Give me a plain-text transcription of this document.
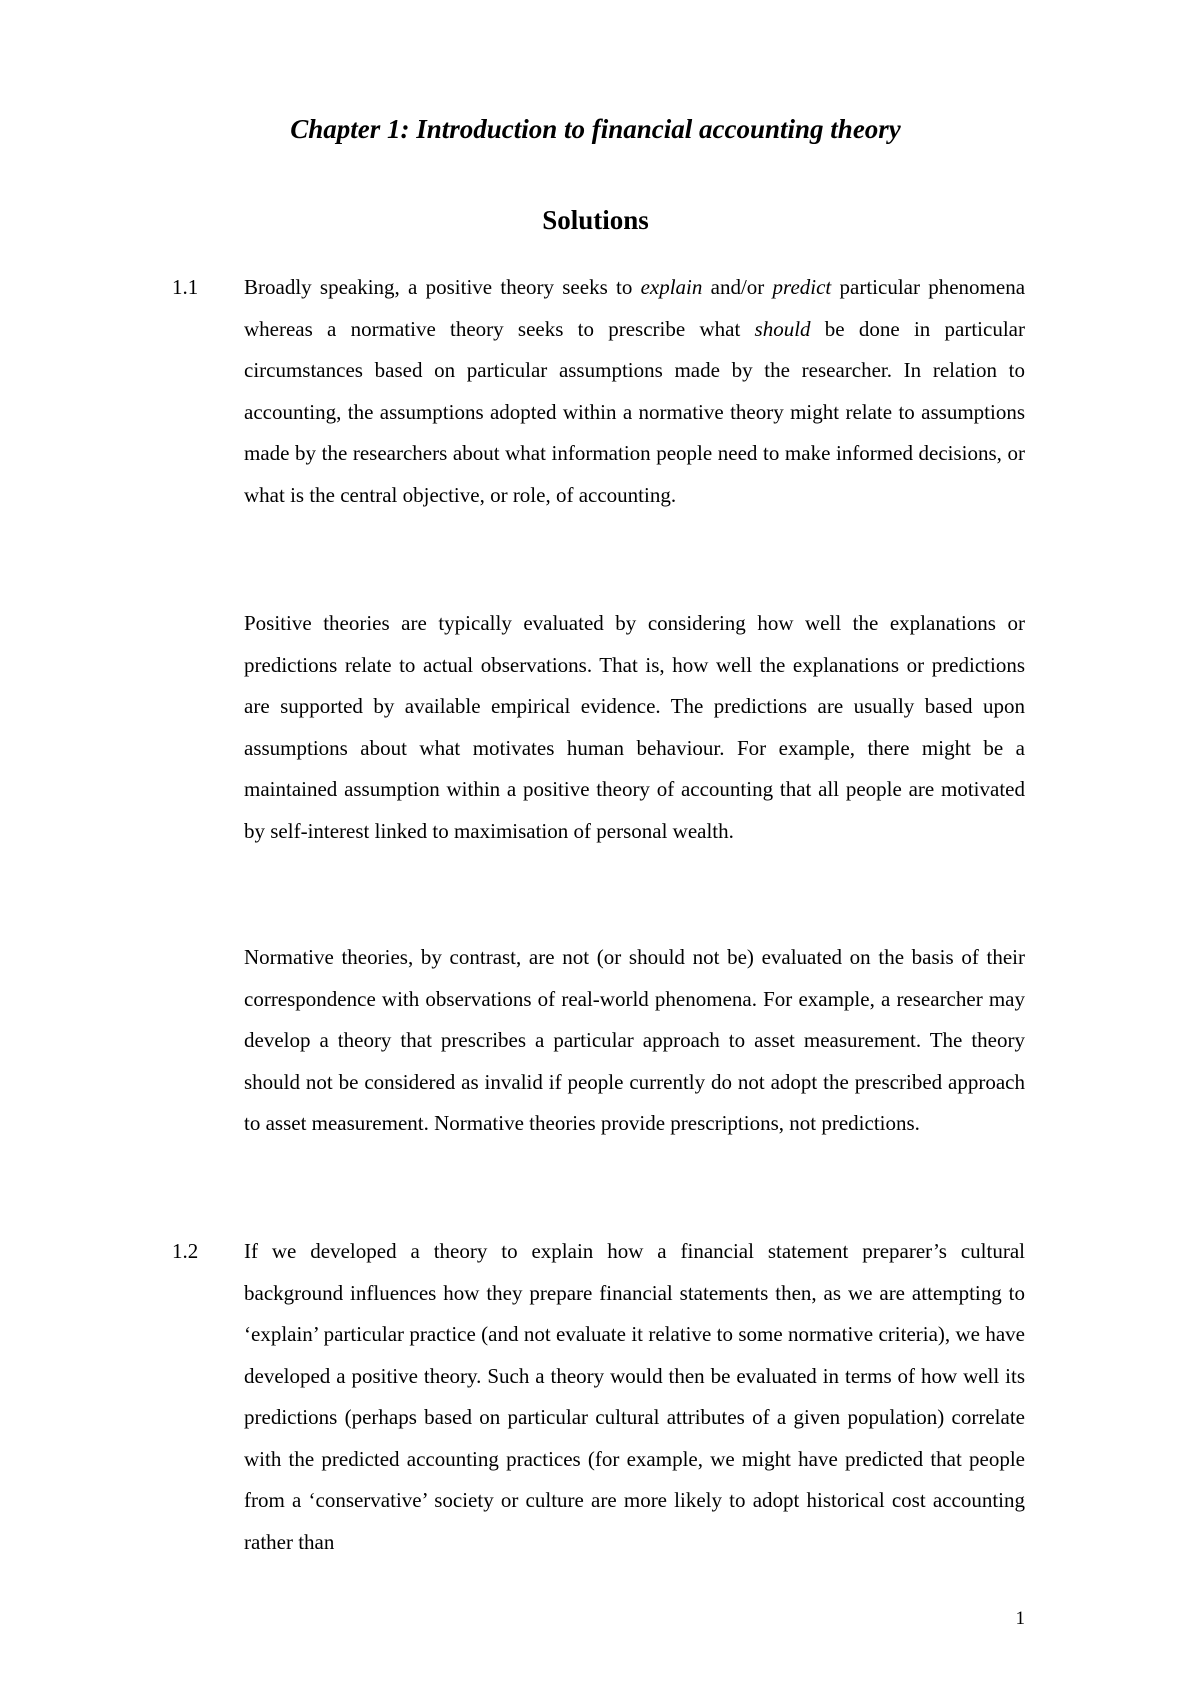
Chapter 1: Introduction to financial accounting theory
Solutions
1.1 Broadly speaking, a positive theory seeks to explain and/or predict particular phenomena whereas a normative theory seeks to prescribe what should be done in particular circumstances based on particular assumptions made by the researcher. In relation to accounting, the assumptions adopted within a normative theory might relate to assumptions made by the researchers about what information people need to make informed decisions, or what is the central objective, or role, of accounting.

Positive theories are typically evaluated by considering how well the explanations or predictions relate to actual observations. That is, how well the explanations or predictions are supported by available empirical evidence. The predictions are usually based upon assumptions about what motivates human behaviour. For example, there might be a maintained assumption within a positive theory of accounting that all people are motivated by self-interest linked to maximisation of personal wealth.

Normative theories, by contrast, are not (or should not be) evaluated on the basis of their correspondence with observations of real-world phenomena. For example, a researcher may develop a theory that prescribes a particular approach to asset measurement. The theory should not be considered as invalid if people currently do not adopt the prescribed approach to asset measurement. Normative theories provide prescriptions, not predictions.

1.2 If we developed a theory to explain how a financial statement preparer’s cultural background influences how they prepare financial statements then, as we are attempting to ‘explain’ particular practice (and not evaluate it relative to some normative criteria), we have developed a positive theory. Such a theory would then be evaluated in terms of how well its predictions (perhaps based on particular cultural attributes of a given population) correlate with the predicted accounting practices (for example, we might have predicted that people from a ‘conservative’ society or culture are more likely to adopt historical cost accounting rather than

1
